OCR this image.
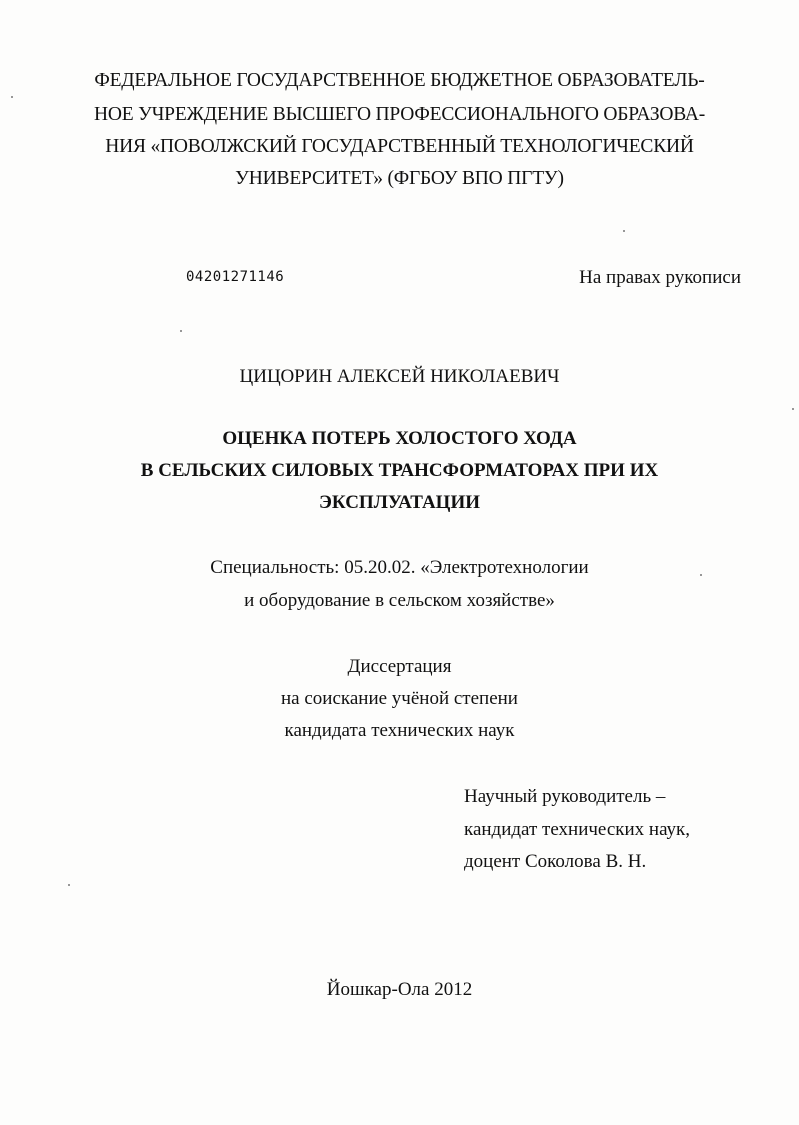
ФЕДЕРАЛЬНОЕ ГОСУДАРСТВЕННОЕ БЮДЖЕТНОЕ ОБРАЗОВАТЕЛЬ-
НОЕ УЧРЕЖДЕНИЕ ВЫСШЕГО ПРОФЕССИОНАЛЬНОГО ОБРАЗОВА-
НИЯ «ПОВОЛЖСКИЙ ГОСУДАРСТВЕННЫЙ ТЕХНОЛОГИЧЕСКИЙ
УНИВЕРСИТЕТ» (ФГБОУ ВПО ПГТУ)
04201271146	На правах рукописи
ЦИЦОРИН АЛЕКСЕЙ НИКОЛАЕВИЧ
ОЦЕНКА ПОТЕРЬ ХОЛОСТОГО ХОДА
В СЕЛЬСКИХ СИЛОВЫХ ТРАНСФОРМАТОРАХ ПРИ ИХ
ЭКСПЛУАТАЦИИ
Специальность: 05.20.02. «Электротехнологии
и оборудование в сельском хозяйстве»
Диссертация
на соискание учёной степени
кандидата технических наук
Научный руководитель –
кандидат технических наук,
доцент Соколова В. Н.
Йошкар-Ола 2012
